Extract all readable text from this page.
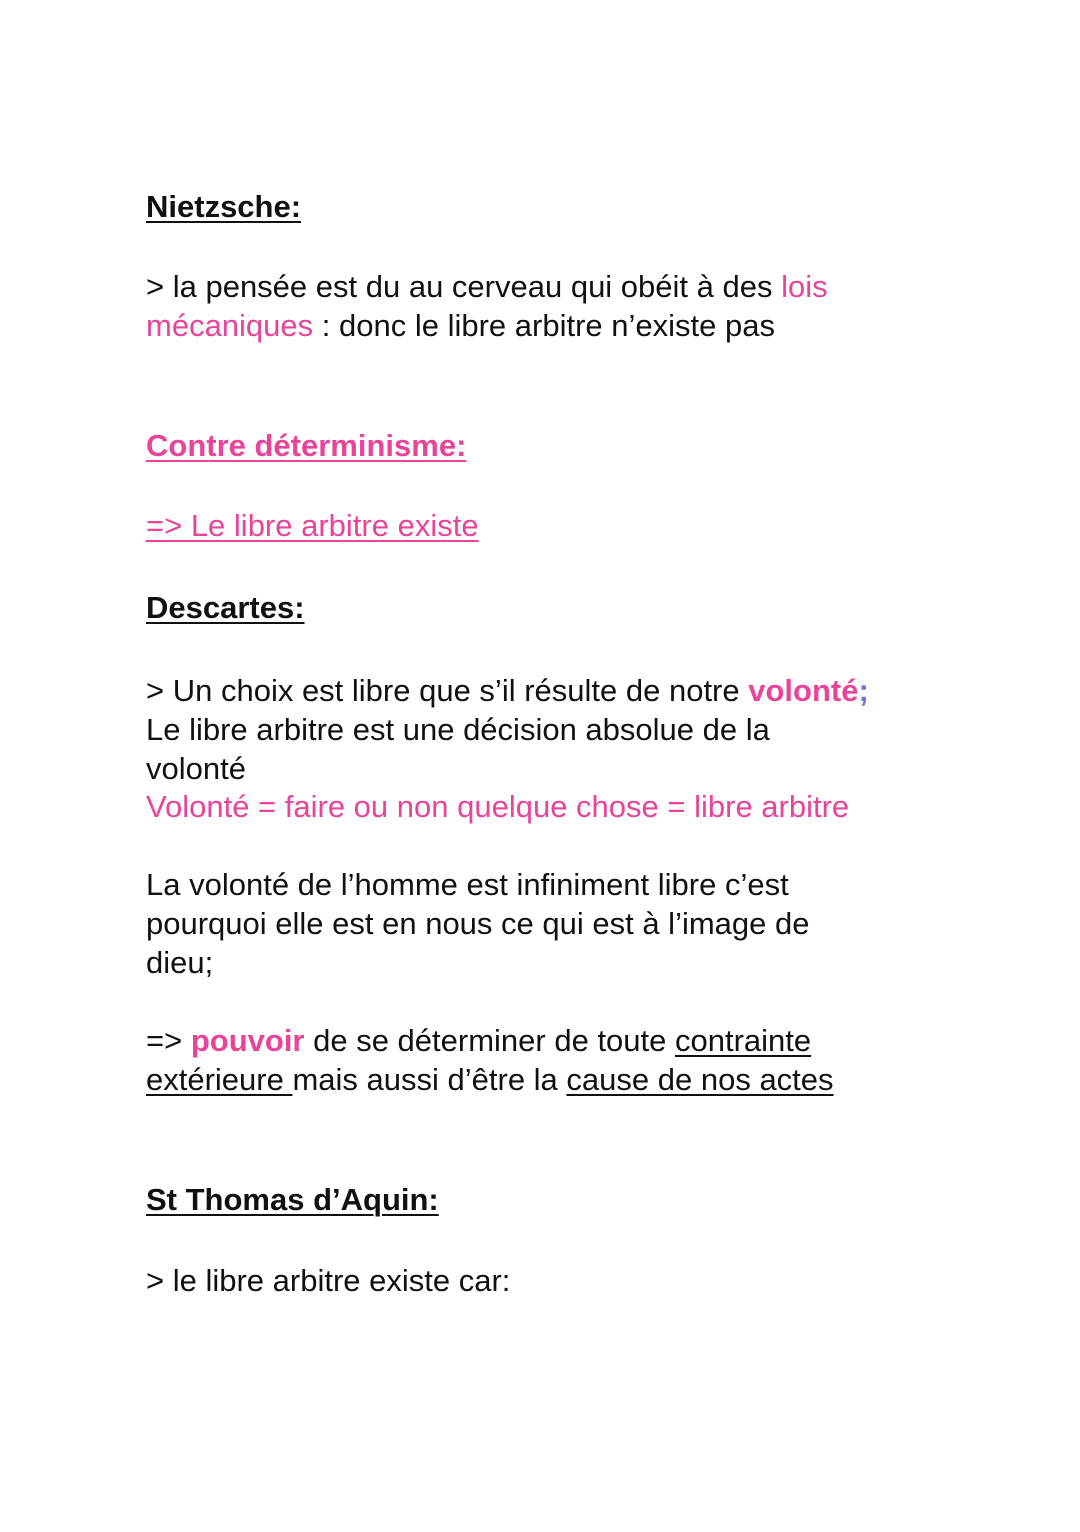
Nietzsche:

> la pensée est du au cerveau qui obéit à des lois

mécaniques : donc le libre arbitre n’existe pas

Contre déterminisme:

=> Le libre arbitre existe

Descartes:

> Un choix est libre que s’il résulte de notre volonté;

Le libre arbitre est une décision absolue de la

volonté

Volonté = faire ou non quelque chose = libre arbitre

La volonté de l’homme est infiniment libre c’est

pourquoi elle est en nous ce qui est à l’image de

dieu;

=> pouvoir de se déterminer de toute contrainte

extérieure mais aussi d’être la cause de nos actes

St Thomas d’Aquin:

> le libre arbitre existe car:
